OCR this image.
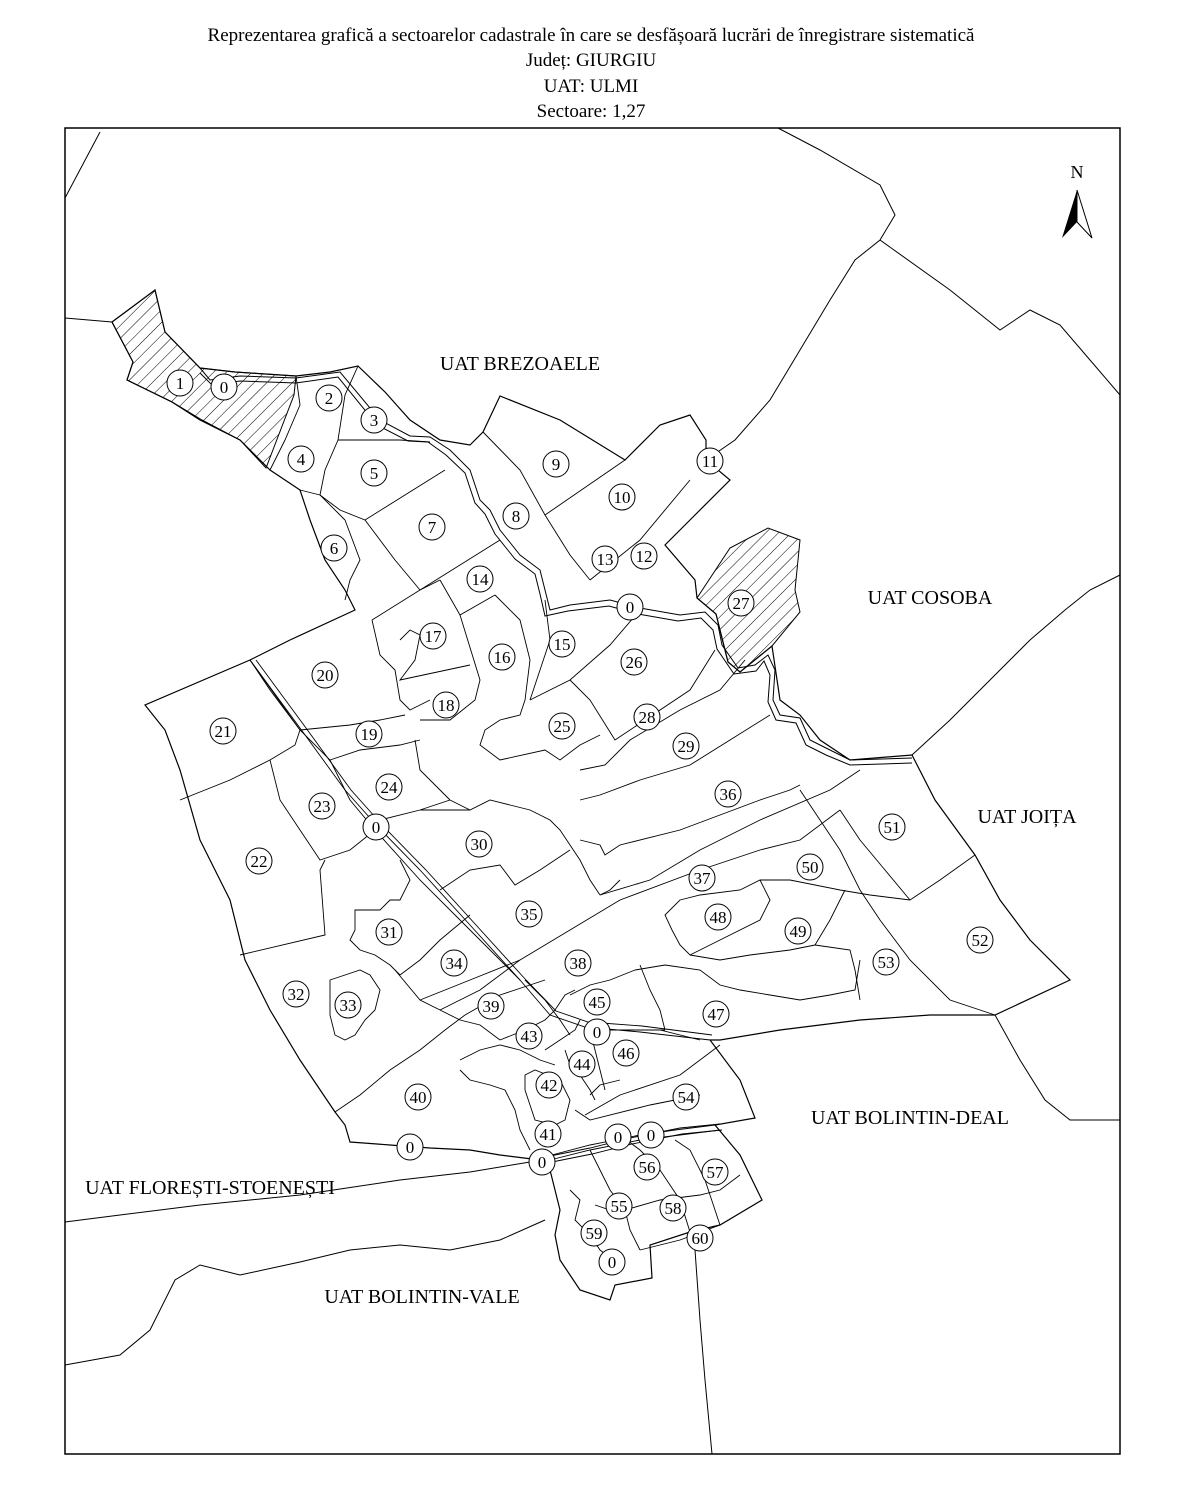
Reprezentarea grafică a sectoarelor cadastrale în care se desfășoară lucrări de înregistrare sistematică
Județ: GIURGIU
UAT: ULMI
Sectoare: 1,27
N
UAT BREZOAELE
UAT COSOBA
UAT JOIȚA
UAT BOLINTIN-DEAL
UAT FLOREȘTI-STOENEȘTI
UAT BOLINTIN-VALE
1 0
2
3
4
5
6
7
8
9
10
11
12
13
14
0
15
16
17
18
19
20
21
22
23
24
0
25
26
27
28
29
30
31
32
33
34
35
36
37
38
39
40
0
41
42
43	0
44
45
46
47
48
49
50
51
52
53
54
0 0
0
55
56	57
58
59
0
60
